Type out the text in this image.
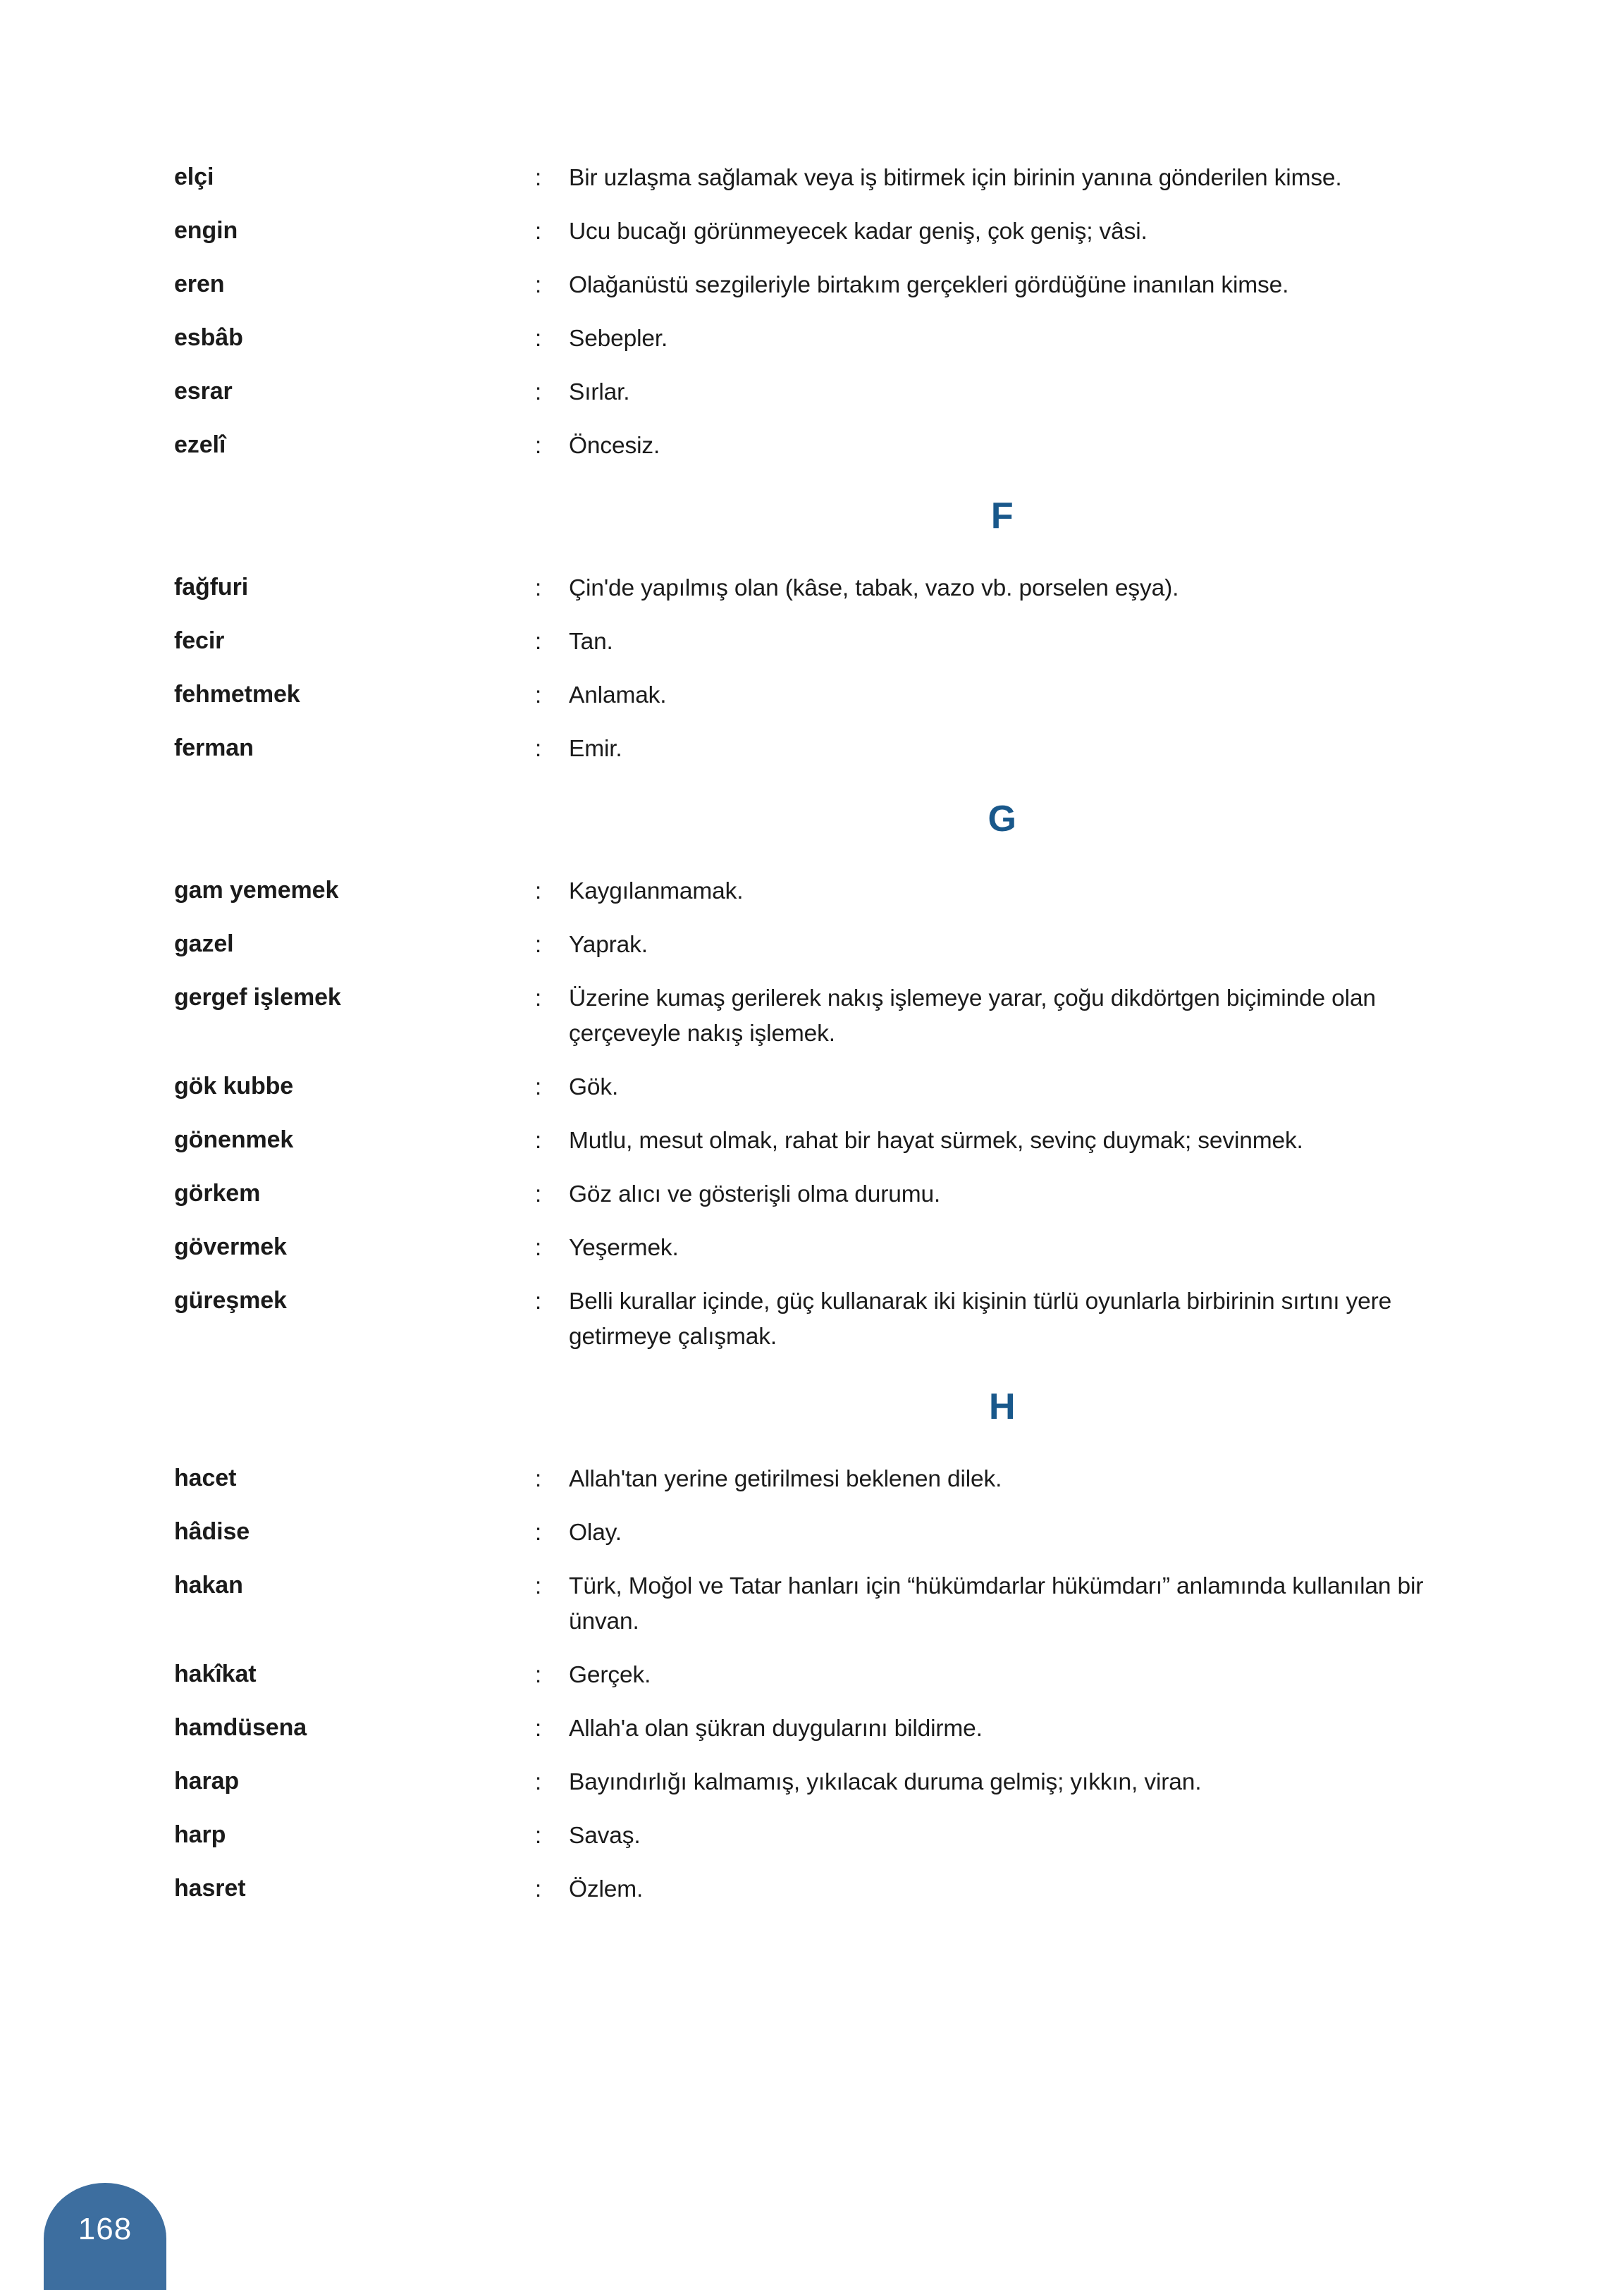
elçi	:	Bir uzlaşma sağlamak veya iş bitirmek için birinin yanına gönderilen kimse.
engin	:	Ucu bucağı görünmeyecek kadar geniş, çok geniş; vâsi.
eren	:	Olağanüstü sezgileriyle birtakım gerçekleri gördüğüne inanılan kimse.
esbâb	:	Sebepler.
esrar	:	Sırlar.
ezelî	:	Öncesiz.
F
fağfuri	:	Çin'de yapılmış olan (kâse, tabak, vazo vb. porselen eşya).
fecir	:	Tan.
fehmetmek	:	Anlamak.
ferman	:	Emir.
G
gam yememek	:	Kaygılanmamak.
gazel	:	Yaprak.
gergef işlemek	:	Üzerine kumaş gerilerek nakış işlemeye yarar, çoğu dikdörtgen biçiminde olan çerçeveyle nakış işlemek.
gök kubbe	:	Gök.
gönenmek	:	Mutlu, mesut olmak, rahat bir hayat sürmek, sevinç duymak; sevinmek.
görkem	:	Göz alıcı ve gösterişli olma durumu.
gövermek	:	Yeşermek.
güreşmek	:	Belli kurallar içinde, güç kullanarak iki kişinin türlü oyunlarla birbirinin sırtını yere getirmeye çalışmak.
H
hacet	:	Allah'tan yerine getirilmesi beklenen dilek.
hâdise	:	Olay.
hakan	:	Türk, Moğol ve Tatar hanları için “hükümdarlar hükümdarı” anlamında kullanılan bir ünvan.
hakîkat	:	Gerçek.
hamdüsena	:	Allah'a olan şükran duygularını bildirme.
harap	:	Bayındırlığı kalmamış, yıkılacak duruma gelmiş; yıkkın, viran.
harp	:	Savaş.
hasret	:	Özlem.
168
